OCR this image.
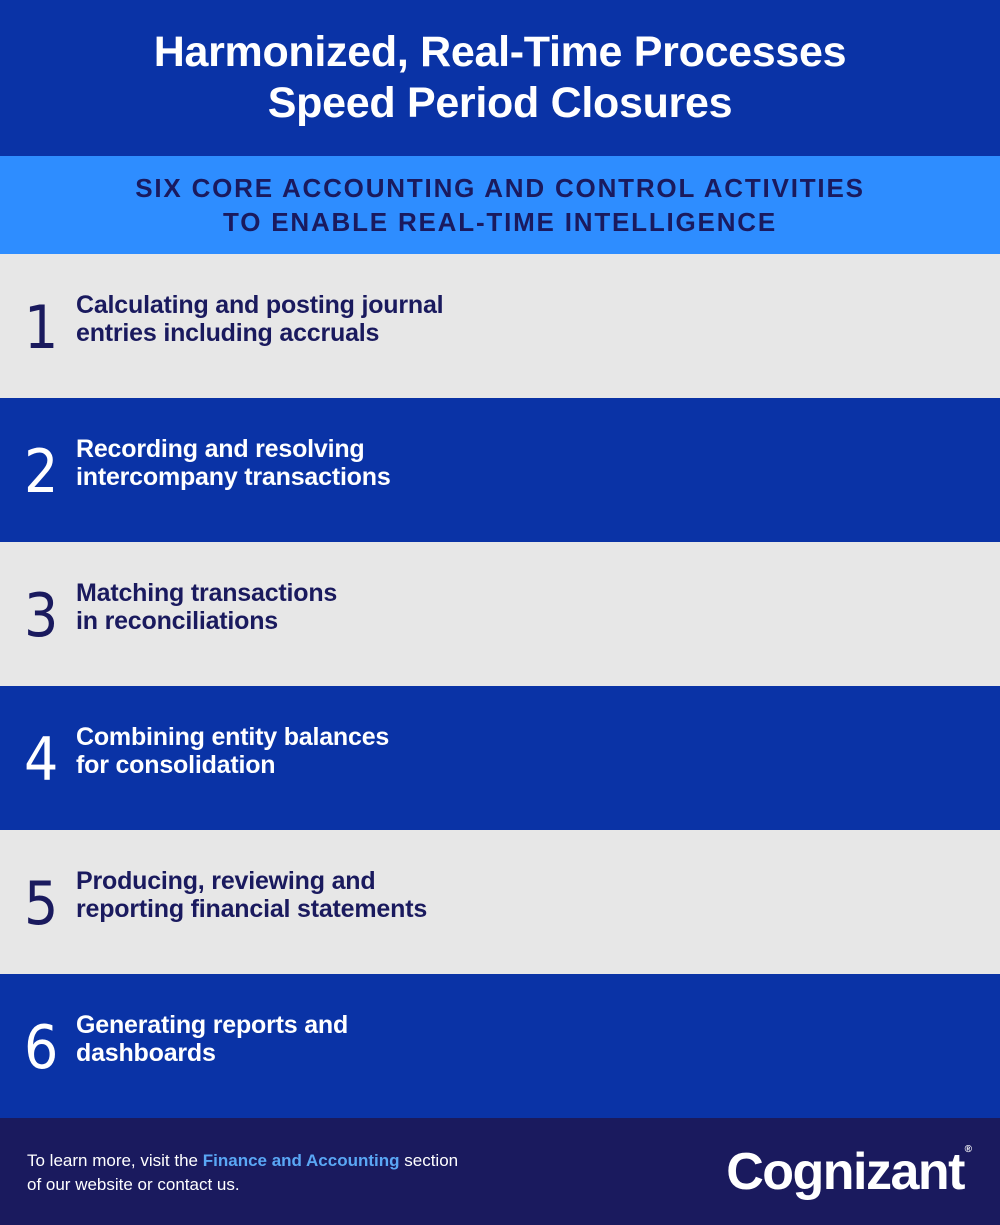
Harmonized, Real-Time Processes
Speed Period Closures
SIX CORE ACCOUNTING AND CONTROL ACTIVITIES
TO ENABLE REAL-TIME INTELLIGENCE
1 Calculating and posting journal
entries including accruals
2 Recording and resolving
intercompany transactions
3 Matching transactions
in reconciliations
4 Combining entity balances
for consolidation
5 Producing, reviewing and
reporting financial statements
6 Generating reports and
dashboards
To learn more, visit the Finance and Accounting section
of our website or contact us.	Cognizant ®
